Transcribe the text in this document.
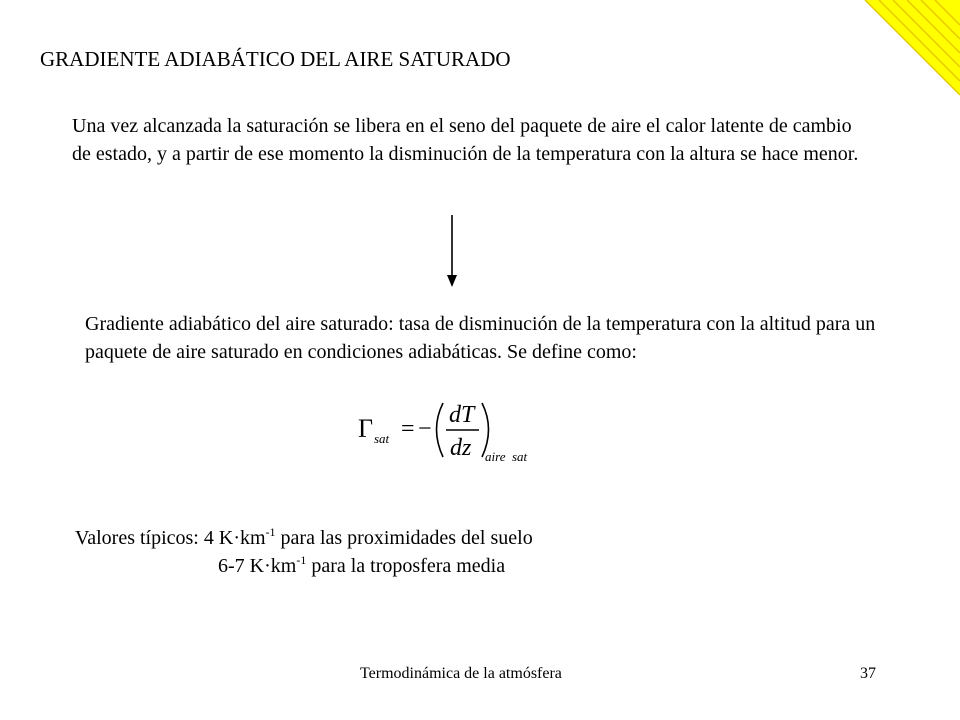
GRADIENTE ADIABÁTICO DEL AIRE SATURADO
Una vez alcanzada la saturación se libera en el seno del paquete de aire el calor latente de cambio de estado, y a partir de ese momento la disminución de la temperatura con la altura se hace menor.
Gradiente adiabático del aire saturado: tasa de disminución de la temperatura con la altitud para un paquete de aire saturado en condiciones adiabáticas. Se define como:
Γ sat = −
dT
dz aire  sat
Valores típicos: 4 $K\cdot km^{-1}$ para las proximidades del suelo
6-7 $K\cdot km^{-1}$ para la troposfera media
Termodinámica de la atmósfera	37
